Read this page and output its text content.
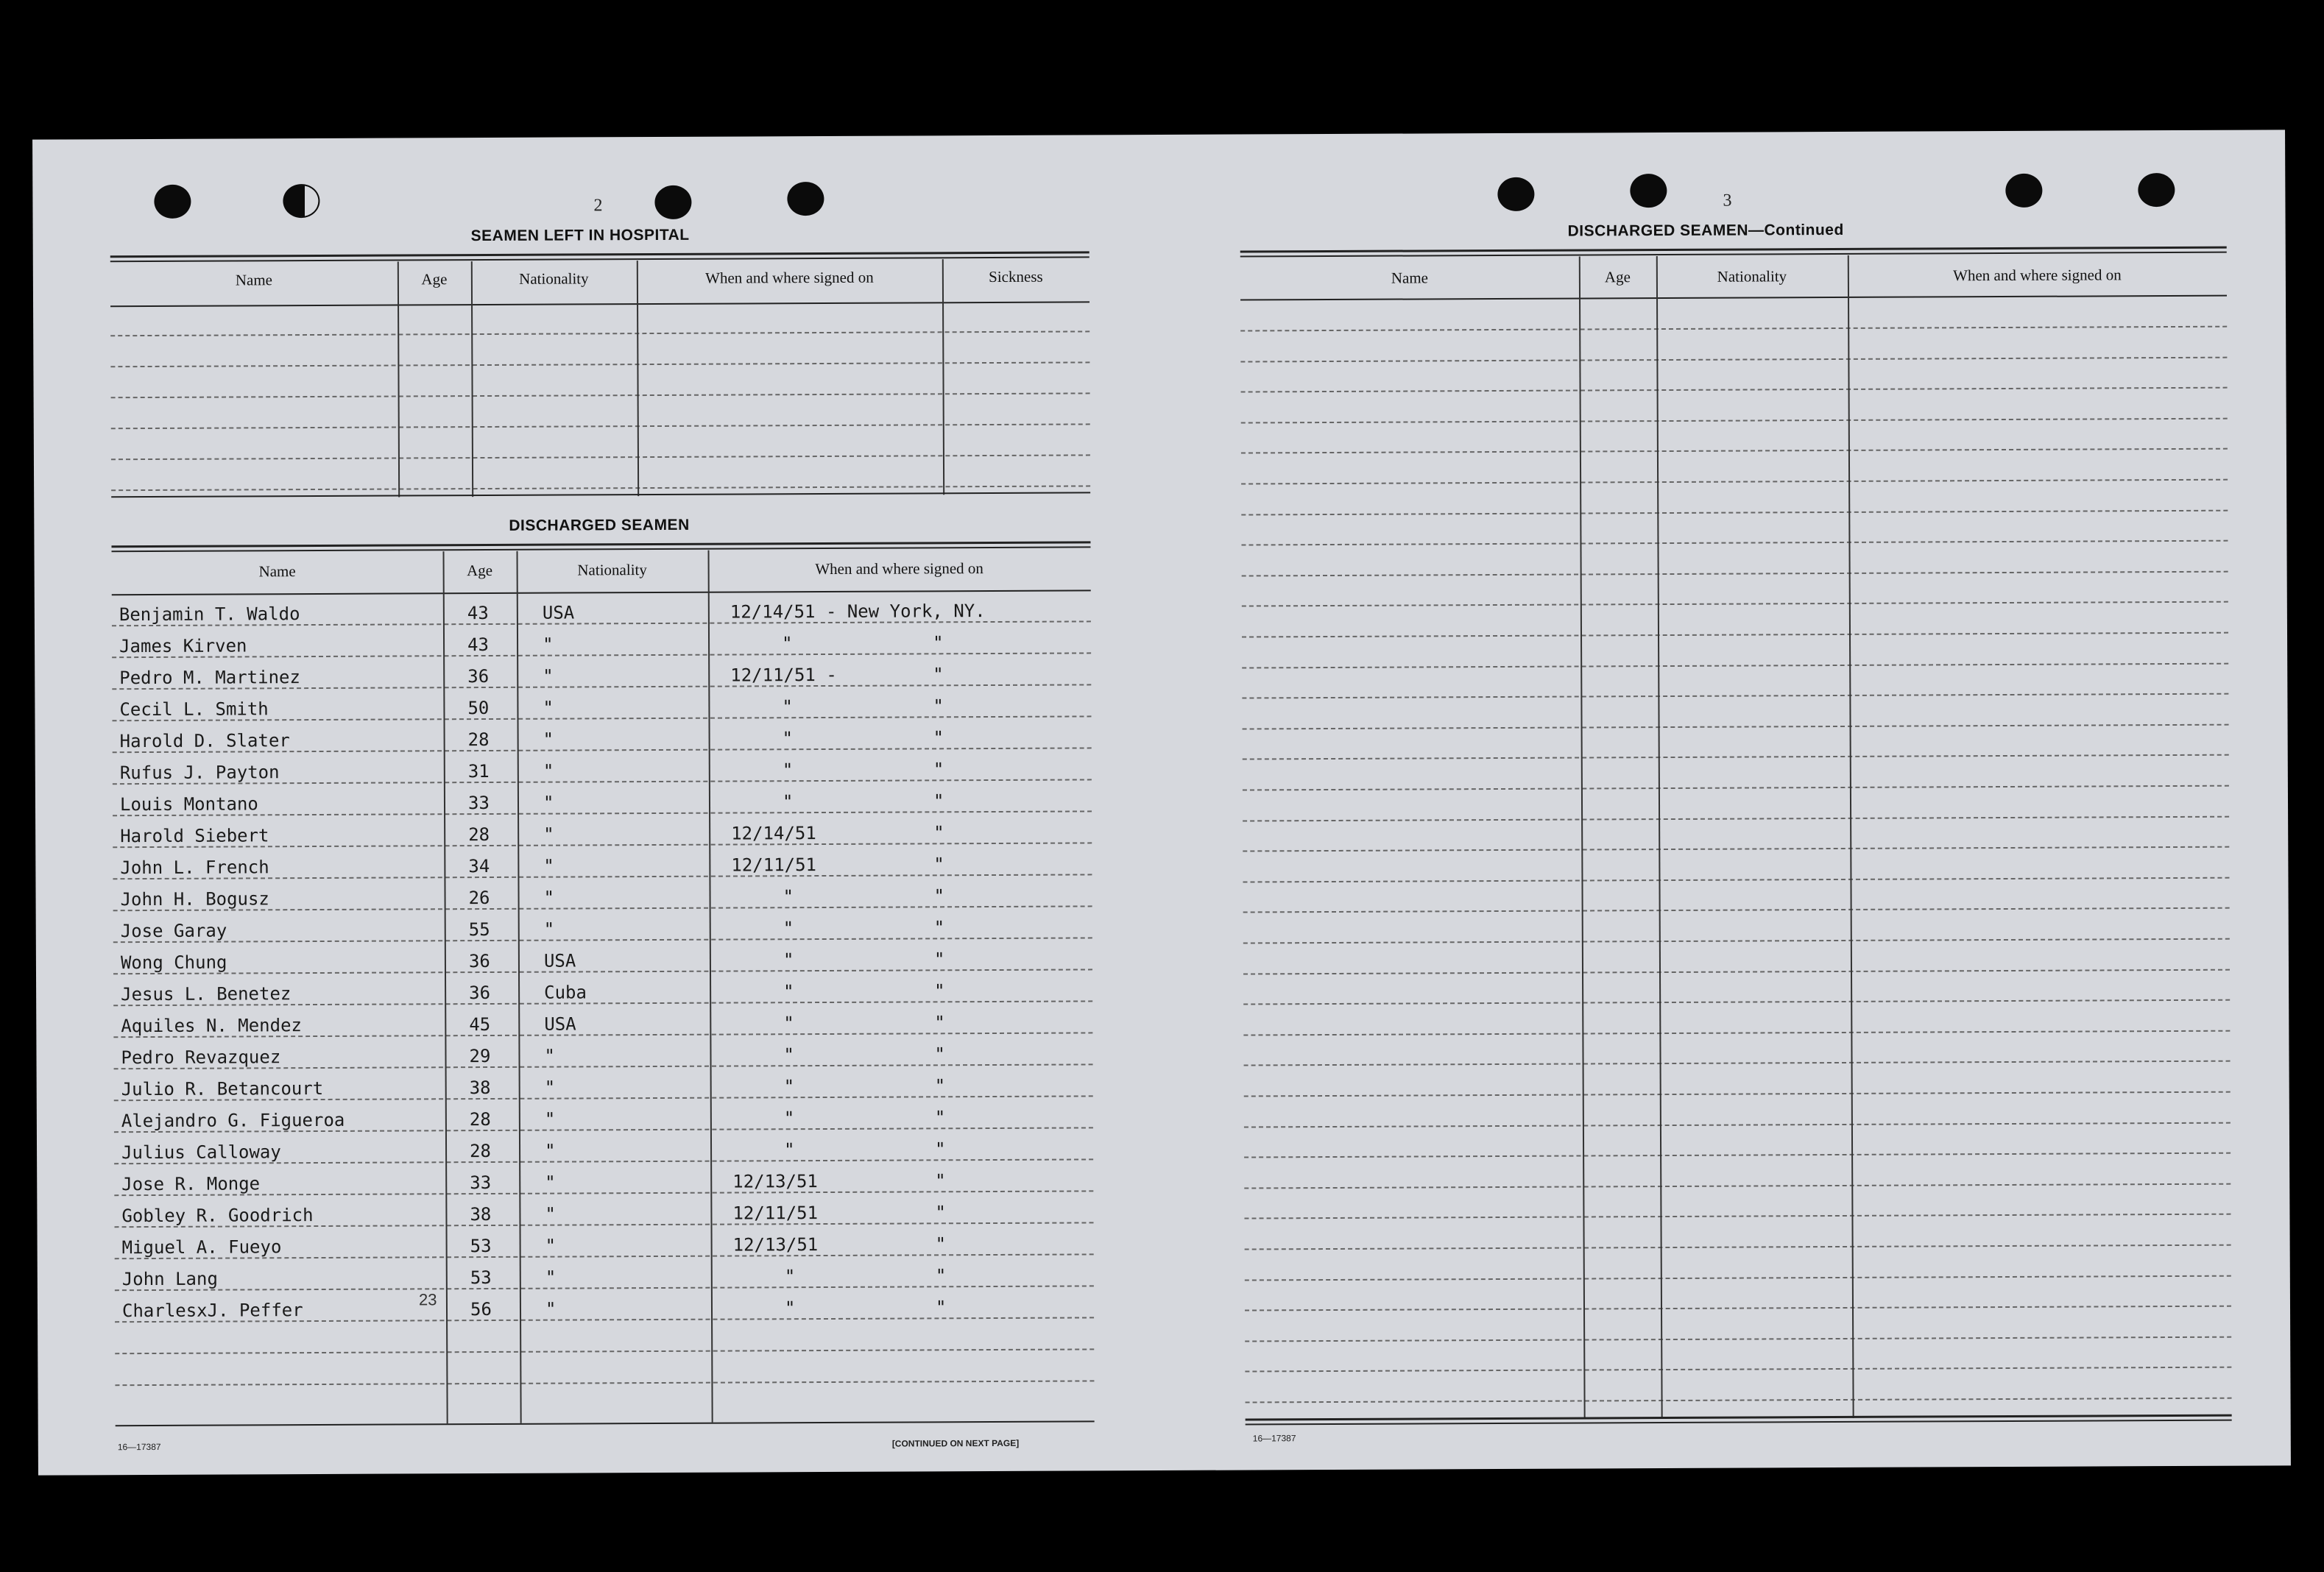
2
SEAMEN LEFT IN HOSPITAL
Name	Age	Nationality	When and where signed on	Sickness
DISCHARGED SEAMEN
Name	Age	Nationality	When and where signed on
Benjamin T. Waldo	43	USA	12/14/51 - New York, NY.
James Kirven	43	"	"	"
Pedro M. Martinez	36	"	12/11/51 -	"
Cecil L. Smith	50	"	"	"
Harold D. Slater	28	"	"	"
Rufus J. Payton	31	"	"	"
Louis Montano	33	"	"	"
Harold Siebert	28	"	12/14/51	"
John L. French	34	"	12/11/51	"
John H. Bogusz	26	"	"	"
Jose Garay	55	"	"	"
Wong Chung	36	USA	"	"
Jesus L. Benetez	36	Cuba	"	"
Aquiles N. Mendez	45	USA	"	"
Pedro Revazquez	29	"	"	"
Julio R. Betancourt	38	"	"	"
Alejandro G. Figueroa	28	"	"	"
Julius Calloway	28	"	"	"
Jose R. Monge	33	"	12/13/51	"
Gobley R. Goodrich	38	"	12/11/51	"
Miguel A. Fueyo	53	"	12/13/51	"
John Lang	53	"	"	"
CharlesxJ. Peffer	56	"	"	"
23
16—17387	[CONTINUED ON NEXT PAGE]
3
DISCHARGED SEAMEN—Continued
Name	Age	Nationality	When and where signed on
16—17387
